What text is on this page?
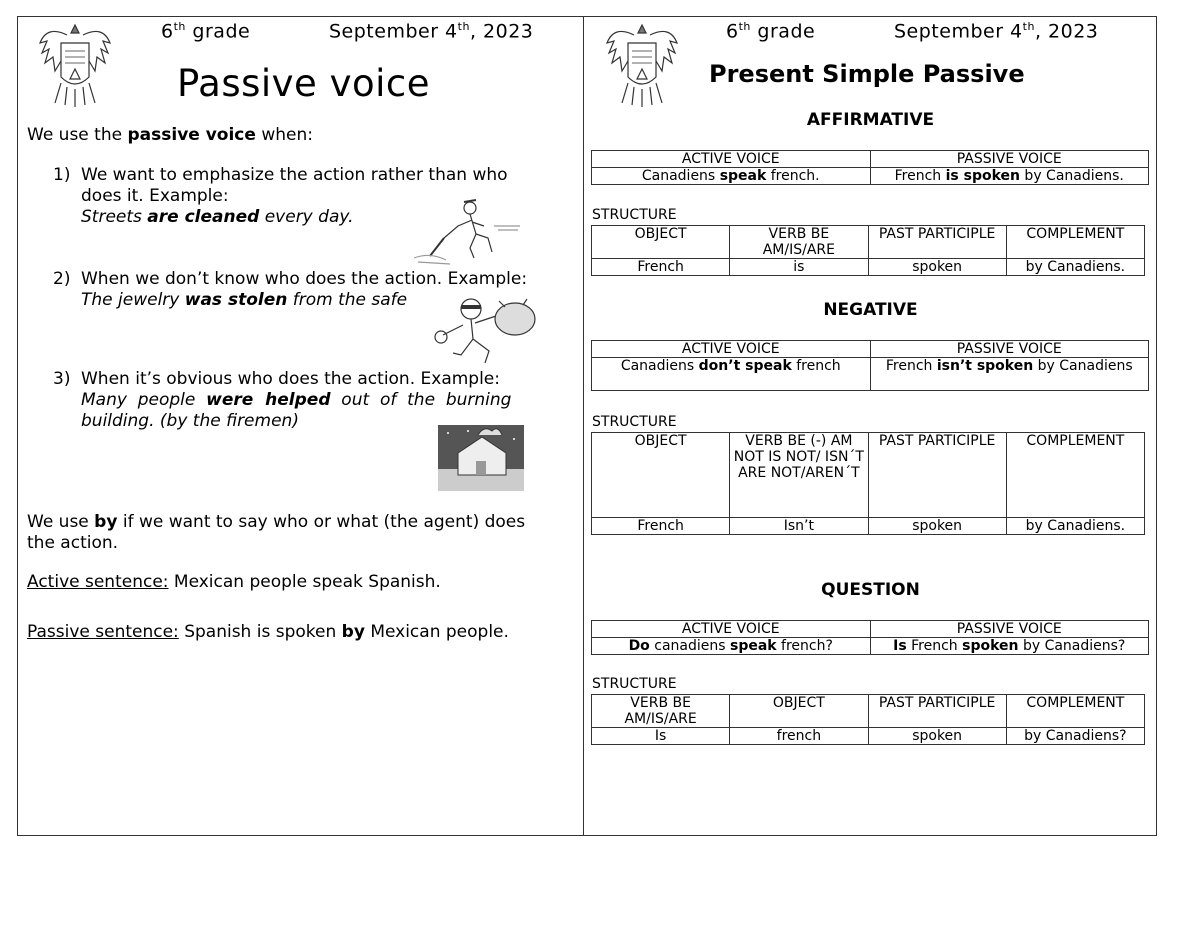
6th grade	September 4th, 2023
Passive voice
We use the passive voice when:
1) We want to emphasize the action rather than who
does it. Example:
Streets are cleaned every day.
2) When we don’t know who does the action. Example:
The jewelry was stolen from the safe
3) When it’s obvious who does the action. Example:
Many  people  were  helped  out  of  the  burning
building. (by the firemen)
We use by if we want to say who or what (the agent) does
the action.
Active sentence: Mexican people speak Spanish.
Passive sentence: Spanish is spoken by Mexican people.
6th grade	September 4th, 2023
Present Simple Passive
AFFIRMATIVE
ACTIVE VOICE	PASSIVE VOICE
Canadiens speak french.	French is spoken by Canadiens.
STRUCTURE
OBJECT	VERB BE AM/IS/ARE	PAST PARTICIPLE	COMPLEMENT
French	is	spoken	by Canadiens.
NEGATIVE
ACTIVE VOICE	PASSIVE VOICE
Canadiens don’t speak french	French isn’t spoken by Canadiens
STRUCTURE
OBJECT	VERB BE (-) AM NOT IS NOT/ ISN´T ARE NOT/AREN´T	PAST PARTICIPLE	COMPLEMENT
French	Isn’t	spoken	by Canadiens.
QUESTION
ACTIVE VOICE	PASSIVE VOICE
Do canadiens speak french?	Is French spoken by Canadiens?
STRUCTURE
VERB BE AM/IS/ARE	OBJECT	PAST PARTICIPLE	COMPLEMENT
Is	french	spoken	by Canadiens?
